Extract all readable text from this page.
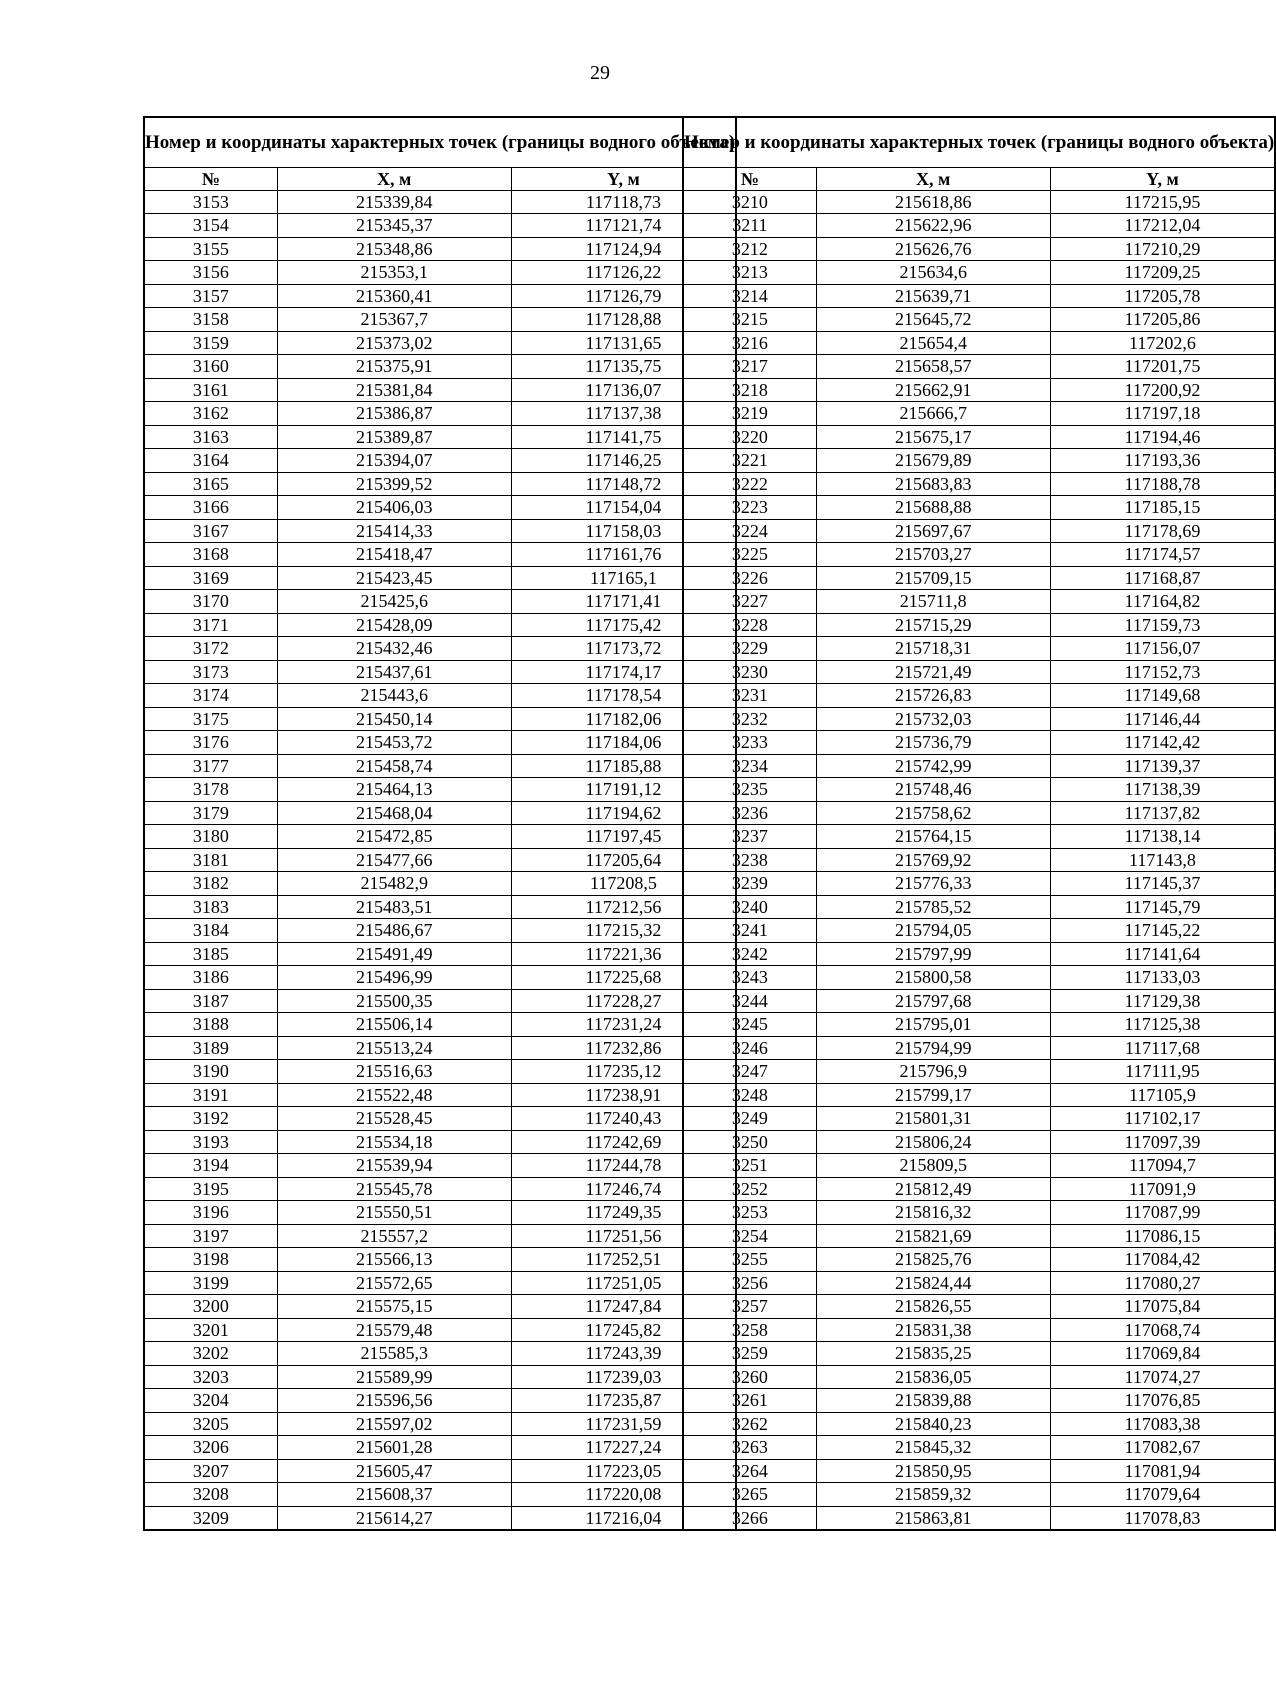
29
Номер и координаты характерных точек (границы водного объекта)		
№	X, м	Y, м
3153	215339,84	117118,73
3154	215345,37	117121,74
3155	215348,86	117124,94
3156	215353,1	117126,22
3157	215360,41	117126,79
3158	215367,7	117128,88
3159	215373,02	117131,65
3160	215375,91	117135,75
3161	215381,84	117136,07
3162	215386,87	117137,38
3163	215389,87	117141,75
3164	215394,07	117146,25
3165	215399,52	117148,72
3166	215406,03	117154,04
3167	215414,33	117158,03
3168	215418,47	117161,76
3169	215423,45	117165,1
3170	215425,6	117171,41
3171	215428,09	117175,42
3172	215432,46	117173,72
3173	215437,61	117174,17
3174	215443,6	117178,54
3175	215450,14	117182,06
3176	215453,72	117184,06
3177	215458,74	117185,88
3178	215464,13	117191,12
3179	215468,04	117194,62
3180	215472,85	117197,45
3181	215477,66	117205,64
3182	215482,9	117208,5
3183	215483,51	117212,56
3184	215486,67	117215,32
3185	215491,49	117221,36
3186	215496,99	117225,68
3187	215500,35	117228,27
3188	215506,14	117231,24
3189	215513,24	117232,86
3190	215516,63	117235,12
3191	215522,48	117238,91
3192	215528,45	117240,43
3193	215534,18	117242,69
3194	215539,94	117244,78
3195	215545,78	117246,74
3196	215550,51	117249,35
3197	215557,2	117251,56
3198	215566,13	117252,51
3199	215572,65	117251,05
3200	215575,15	117247,84
3201	215579,48	117245,82
3202	215585,3	117243,39
3203	215589,99	117239,03
3204	215596,56	117235,87
3205	215597,02	117231,59
3206	215601,28	117227,24
3207	215605,47	117223,05
3208	215608,37	117220,08
3209	215614,27	117216,04
Номер и координаты характерных точек (границы водного объекта)		
№	X, м	Y, м
3210	215618,86	117215,95
3211	215622,96	117212,04
3212	215626,76	117210,29
3213	215634,6	117209,25
3214	215639,71	117205,78
3215	215645,72	117205,86
3216	215654,4	117202,6
3217	215658,57	117201,75
3218	215662,91	117200,92
3219	215666,7	117197,18
3220	215675,17	117194,46
3221	215679,89	117193,36
3222	215683,83	117188,78
3223	215688,88	117185,15
3224	215697,67	117178,69
3225	215703,27	117174,57
3226	215709,15	117168,87
3227	215711,8	117164,82
3228	215715,29	117159,73
3229	215718,31	117156,07
3230	215721,49	117152,73
3231	215726,83	117149,68
3232	215732,03	117146,44
3233	215736,79	117142,42
3234	215742,99	117139,37
3235	215748,46	117138,39
3236	215758,62	117137,82
3237	215764,15	117138,14
3238	215769,92	117143,8
3239	215776,33	117145,37
3240	215785,52	117145,79
3241	215794,05	117145,22
3242	215797,99	117141,64
3243	215800,58	117133,03
3244	215797,68	117129,38
3245	215795,01	117125,38
3246	215794,99	117117,68
3247	215796,9	117111,95
3248	215799,17	117105,9
3249	215801,31	117102,17
3250	215806,24	117097,39
3251	215809,5	117094,7
3252	215812,49	117091,9
3253	215816,32	117087,99
3254	215821,69	117086,15
3255	215825,76	117084,42
3256	215824,44	117080,27
3257	215826,55	117075,84
3258	215831,38	117068,74
3259	215835,25	117069,84
3260	215836,05	117074,27
3261	215839,88	117076,85
3262	215840,23	117083,38
3263	215845,32	117082,67
3264	215850,95	117081,94
3265	215859,32	117079,64
3266	215863,81	117078,83
